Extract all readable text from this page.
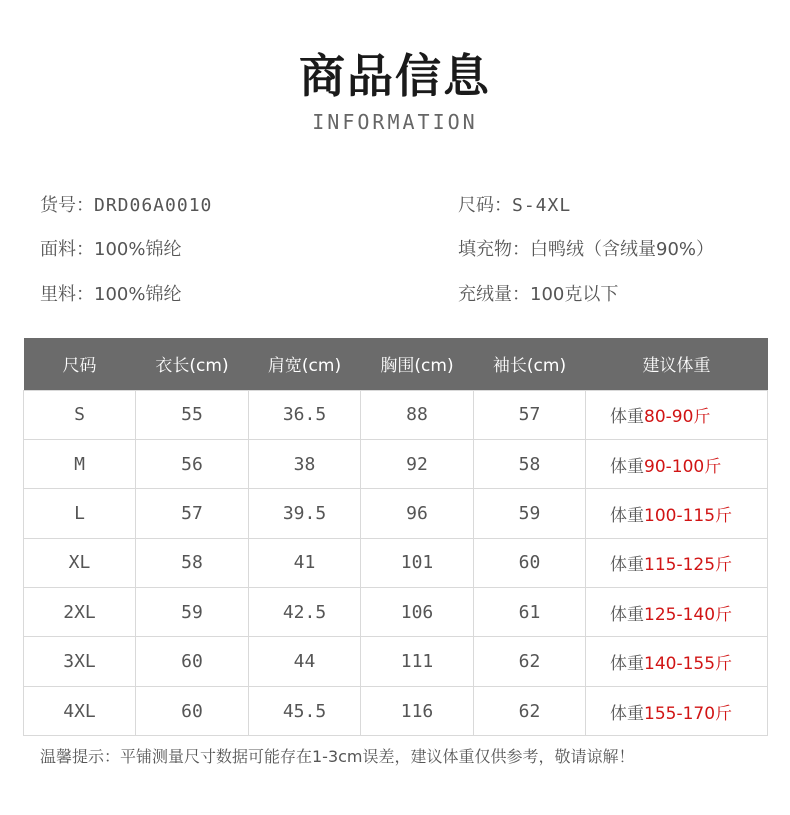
商品信息
INFORMATION
货号：DRD06A0010	尺码：S-4XL
面料：100%锦纶	填充物：白鸭绒（含绒量90%）
里料：100%锦纶	充绒量：100克以下
尺码	衣长(cm)	肩宽(cm)	胸围(cm)	袖长(cm)	建议体重
S	55	36.5	88	57	体重80-90斤
M	56	38	92	58	体重90-100斤
L	57	39.5	96	59	体重100-115斤
XL	58	41	101	60	体重115-125斤
2XL	59	42.5	106	61	体重125-140斤
3XL	60	44	111	62	体重140-155斤
4XL	60	45.5	116	62	体重155-170斤
温馨提示：平铺测量尺寸数据可能存在1-3cm误差，建议体重仅供参考，敬请谅解！
